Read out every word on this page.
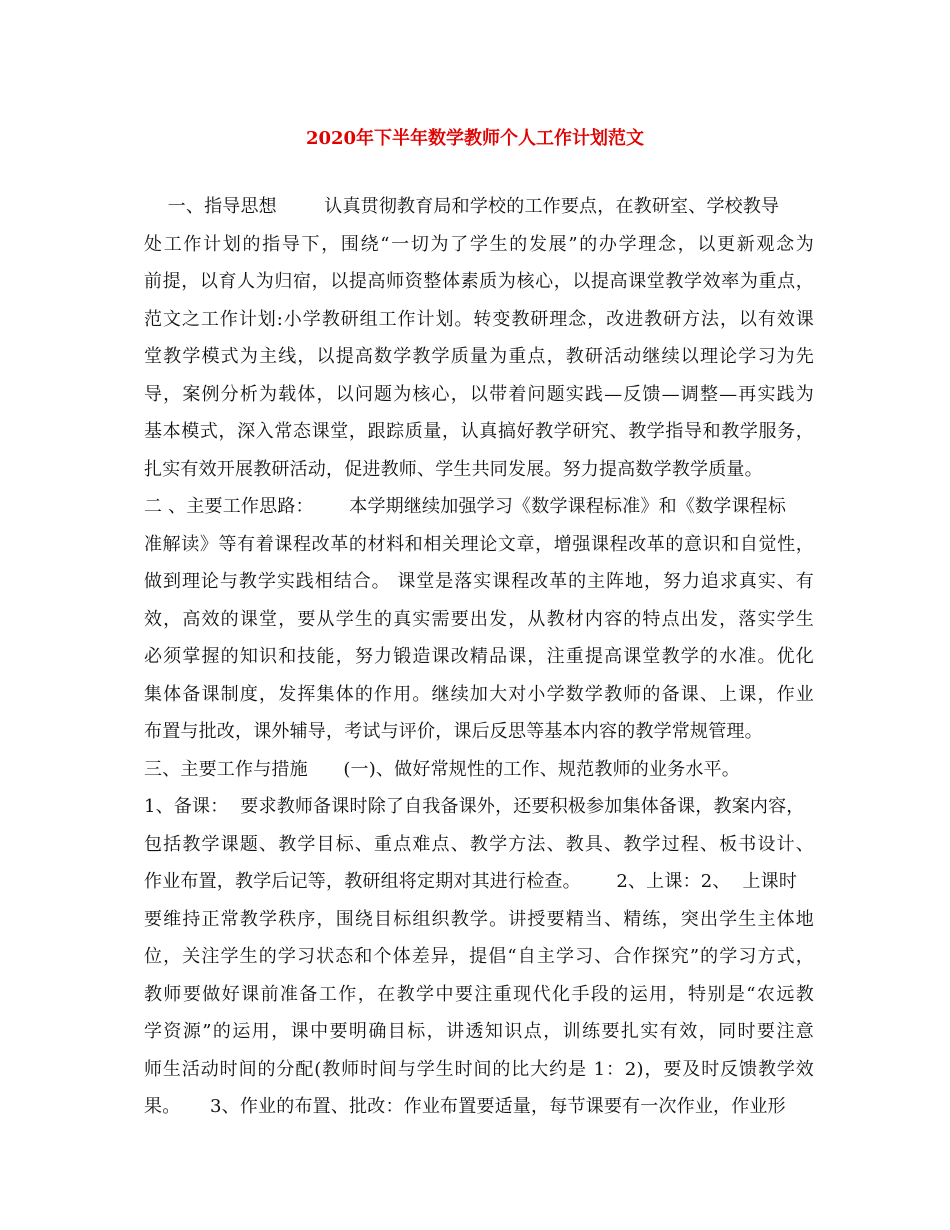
2020年下半年数学教师个人工作计划范文
一、指导思想        认真贯彻教育局和学校的工作要点，在教研室、学校教导
处工作计划的指导下，围绕“一切为了学生的发展”的办学理念，以更新观念为
前提，以育人为归宿，以提高师资整体素质为核心，以提高课堂教学效率为重点，
范文之工作计划:小学教研组工作计划。转变教研理念，改进教研方法，以有效课
堂教学模式为主线，以提高数学教学质量为重点，教研活动继续以理论学习为先
导，案例分析为载体，以问题为核心，以带着问题实践—反馈—调整—再实践为
基本模式，深入常态课堂，跟踪质量，认真搞好教学研究、教学指导和教学服务，
扎实有效开展教研活动，促进教师、学生共同发展。努力提高数学教学质量。
二 、主要工作思路：      本学期继续加强学习《数学课程标准》和《数学课程标
准解读》等有着课程改革的材料和相关理论文章，增强课程改革的意识和自觉性，
做到理论与教学实践相结合。 课堂是落实课程改革的主阵地，努力追求真实、有
效，高效的课堂，要从学生的真实需要出发，从教材内容的特点出发，落实学生
必须掌握的知识和技能，努力锻造课改精品课，注重提高课堂教学的水准。优化
集体备课制度，发挥集体的作用。继续加大对小学数学教师的备课、上课，作业
布置与批改，课外辅导，考试与评价，课后反思等基本内容的教学常规管理。
三、主要工作与措施      (一)、做好常规性的工作、规范教师的业务水平。
1、备课：  要求教师备课时除了自我备课外，还要积极参加集体备课，教案内容，
包括教学课题、教学目标、重点难点、教学方法、教具、教学过程、板书设计、
作业布置，教学后记等，教研组将定期对其进行检查。      2、上课：2、  上课时
要维持正常教学秩序，围绕目标组织教学。讲授要精当、精练，突出学生主体地
位，关注学生的学习状态和个体差异，提倡“自主学习、合作探究”的学习方式，
教师要做好课前准备工作，在教学中要注重现代化手段的运用，特别是“农远教
学资源”的运用，课中要明确目标，讲透知识点，训练要扎实有效，同时要注意
师生活动时间的分配(教师时间与学生时间的比大约是 1：2)，要及时反馈教学效
果。     3、作业的布置、批改：作业布置要适量，每节课要有一次作业，作业形
